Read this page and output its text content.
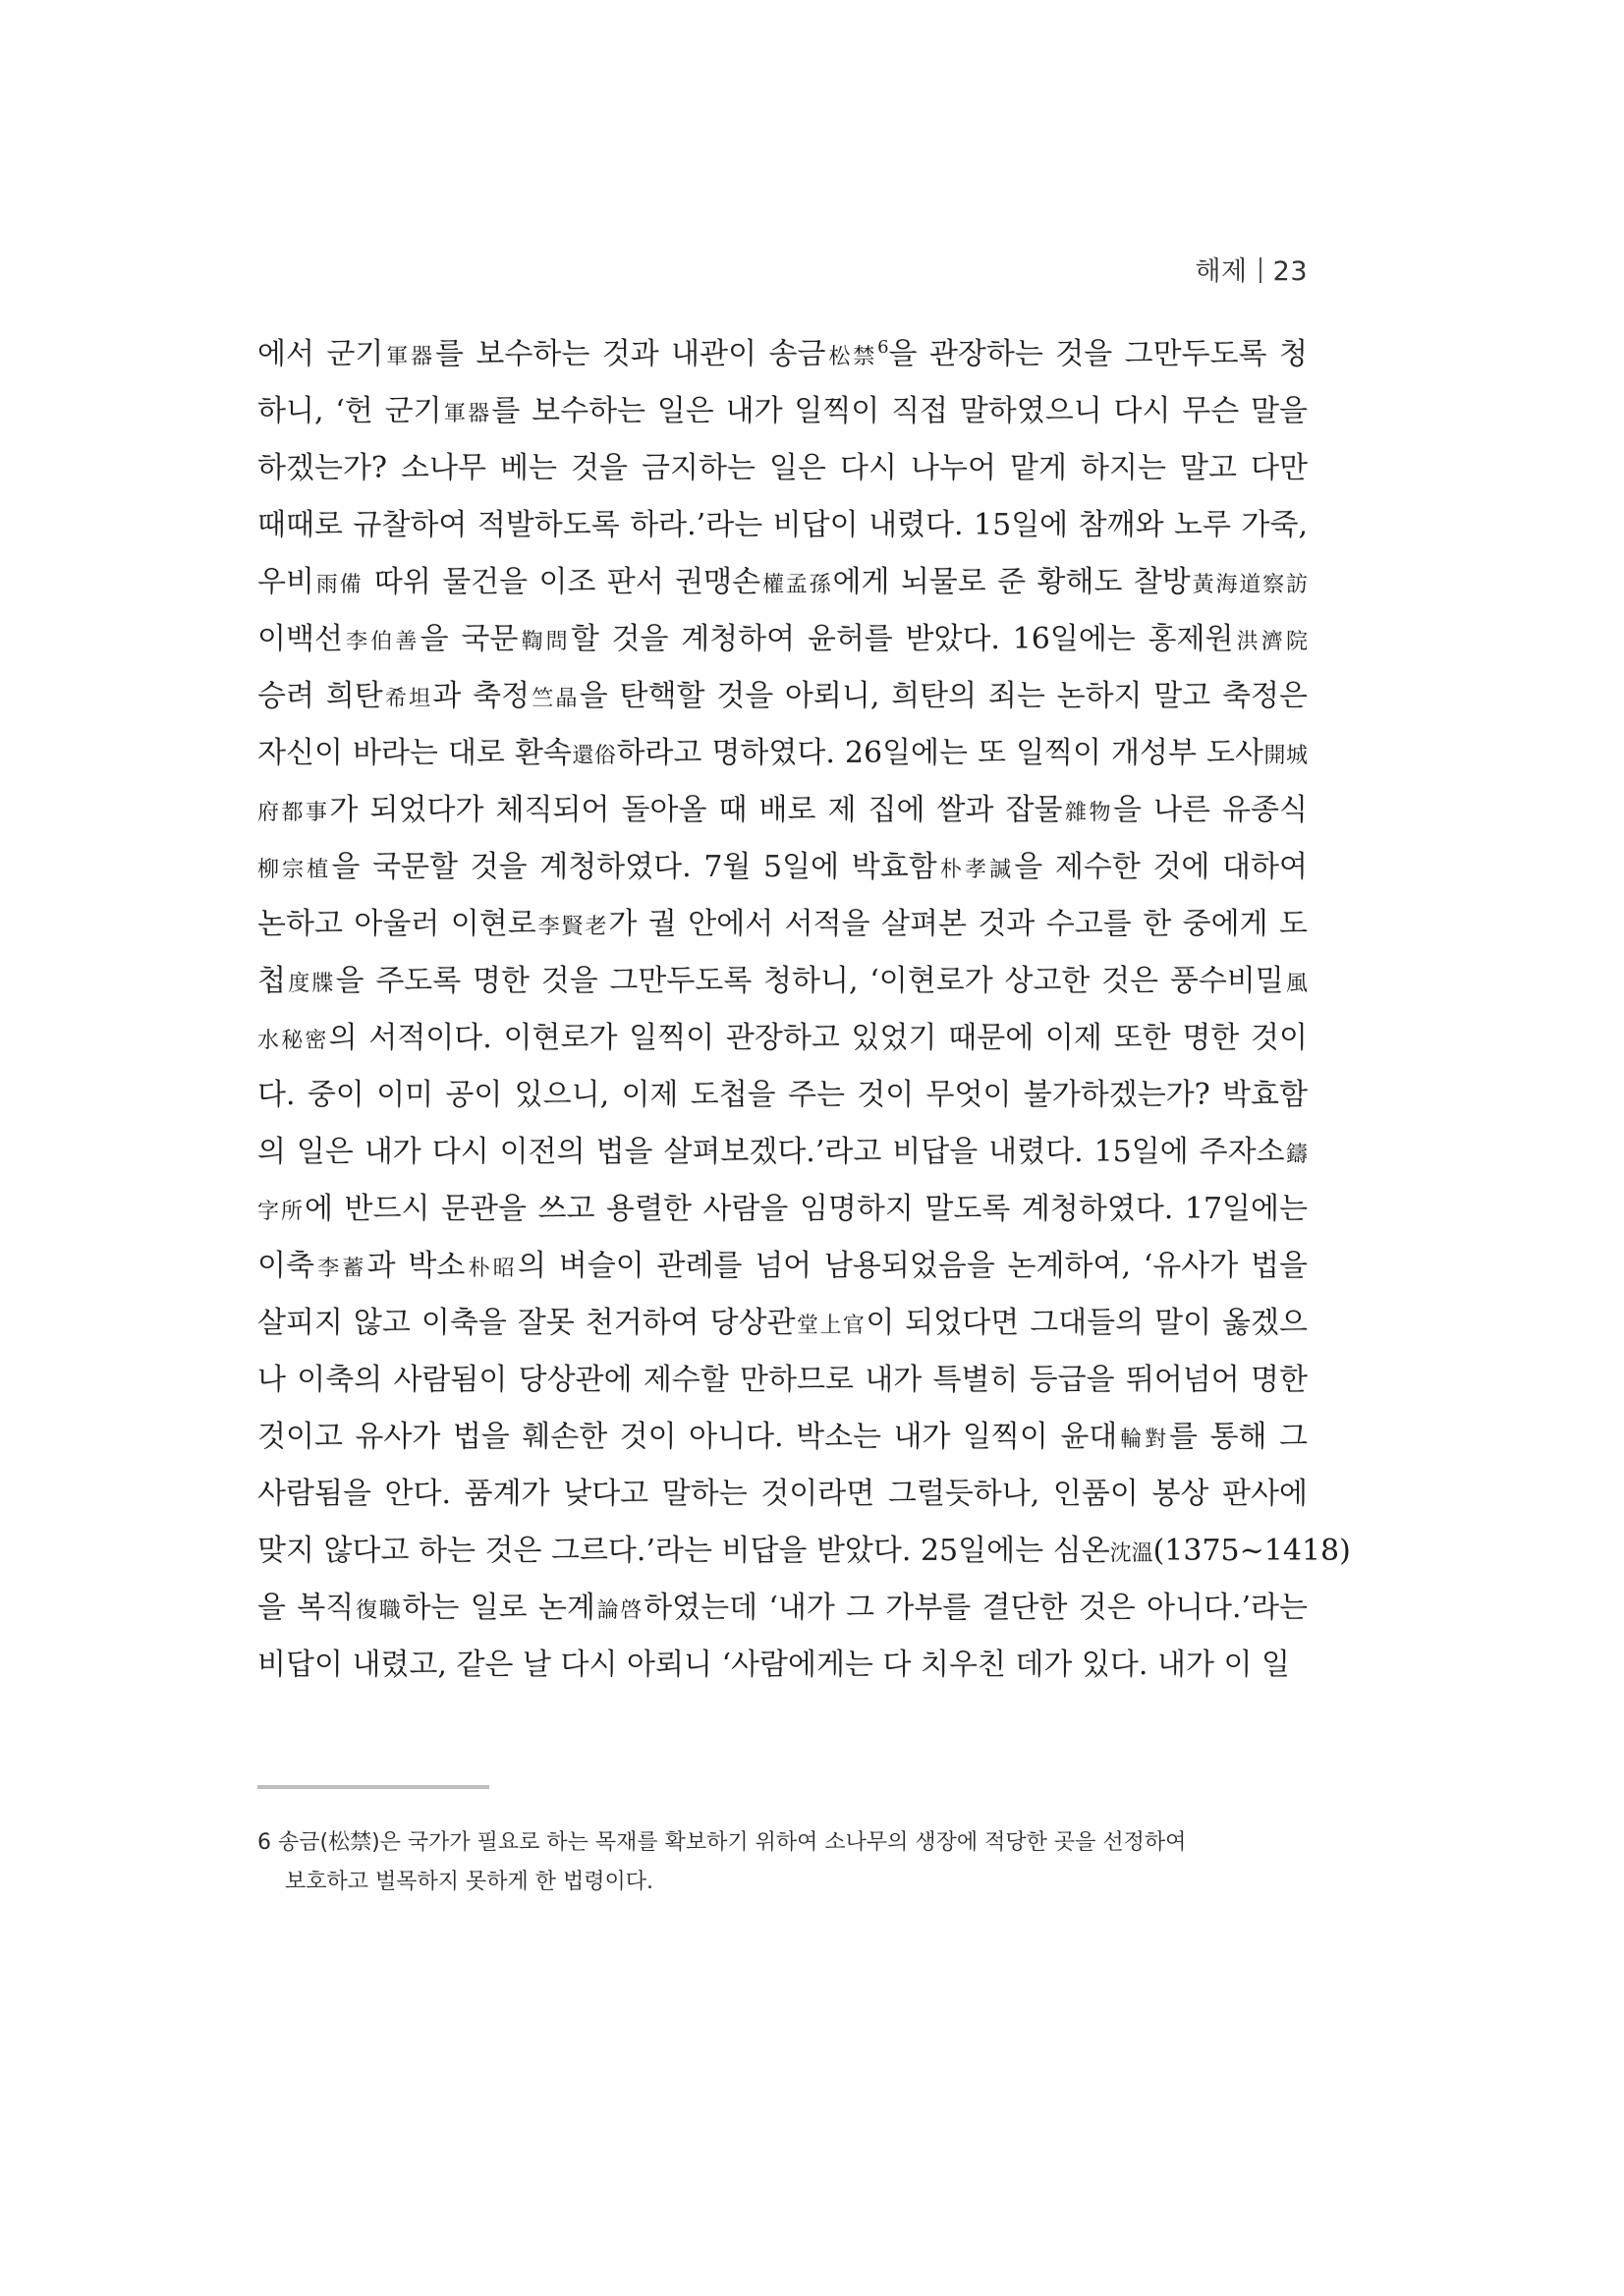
해제 23
에서 군기軍器를 보수하는 것과 내관이 송금松禁$^6$을 관장하는 것을 그만두도록 청
하니, ‘헌 군기軍器를 보수하는 일은 내가 일찍이 직접 말하였으니 다시 무슨 말을
하겠는가? 소나무 베는 것을 금지하는 일은 다시 나누어 맡게 하지는 말고 다만
때때로 규찰하여 적발하도록 하라.’라는 비답이 내렸다. 15일에 참깨와 노루 가죽,
우비雨備 따위 물건을 이조 판서 권맹손權孟孫에게 뇌물로 준 황해도 찰방黃海道察訪
이백선李伯善을 국문鞫問할 것을 계청하여 윤허를 받았다. 16일에는 홍제원洪濟院
승려 희탄希坦과 축정竺晶을 탄핵할 것을 아뢰니, 희탄의 죄는 논하지 말고 축정은
자신이 바라는 대로 환속還俗하라고 명하였다. 26일에는 또 일찍이 개성부 도사開城
府都事가 되었다가 체직되어 돌아올 때 배로 제 집에 쌀과 잡물雜物을 나른 유종식
柳宗植을 국문할 것을 계청하였다. 7월 5일에 박효함朴孝諴을 제수한 것에 대하여
논하고 아울러 이현로李賢老가 궐 안에서 서적을 살펴본 것과 수고를 한 중에게 도
첩度牒을 주도록 명한 것을 그만두도록 청하니, ‘이현로가 상고한 것은 풍수비밀風
水秘密의 서적이다. 이현로가 일찍이 관장하고 있었기 때문에 이제 또한 명한 것이
다. 중이 이미 공이 있으니, 이제 도첩을 주는 것이 무엇이 불가하겠는가? 박효함
의 일은 내가 다시 이전의 법을 살펴보겠다.’라고 비답을 내렸다. 15일에 주자소鑄
字所에 반드시 문관을 쓰고 용렬한 사람을 임명하지 말도록 계청하였다. 17일에는
이축李蓄과 박소朴昭의 벼슬이 관례를 넘어 남용되었음을 논계하여, ‘유사가 법을
살피지 않고 이축을 잘못 천거하여 당상관堂上官이 되었다면 그대들의 말이 옳겠으
나 이축의 사람됨이 당상관에 제수할 만하므로 내가 특별히 등급을 뛰어넘어 명한
것이고 유사가 법을 훼손한 것이 아니다. 박소는 내가 일찍이 윤대輪對를 통해 그
사람됨을 안다. 품계가 낮다고 말하는 것이라면 그럴듯하나, 인품이 봉상 판사에
맞지 않다고 하는 것은 그르다.’라는 비답을 받았다. 25일에는 심온沈溫(1375~1418)
을 복직復職하는 일로 논계論啓하였는데 ‘내가 그 가부를 결단한 것은 아니다.’라는
비답이 내렸고, 같은 날 다시 아뢰니 ‘사람에게는 다 치우친 데가 있다. 내가 이 일
6 송금(松禁)은 국가가 필요로 하는 목재를 확보하기 위하여 소나무의 생장에 적당한 곳을 선정하여
보호하고 벌목하지 못하게 한 법령이다.
